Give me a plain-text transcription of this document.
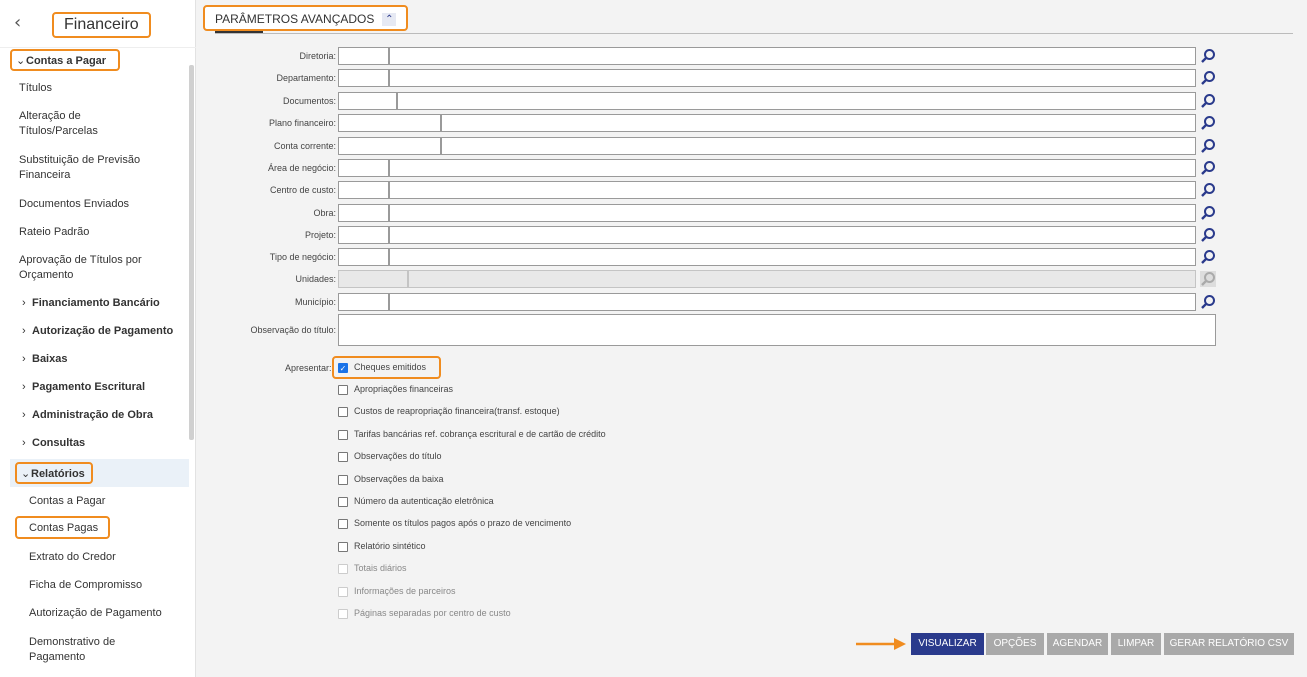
‹	Financeiro
⌄Contas a Pagar
Títulos
Alteração de
Títulos/Parcelas
Substituição de Previsão
Financeira
Documentos Enviados
Rateio Padrão
Aprovação de Títulos por
Orçamento
› Financiamento Bancário
› Autorização de Pagamento
› Baixas
› Pagamento Escritural
› Administração de Obra
› Consultas
⌄Relatórios
Contas a Pagar
Contas Pagas
Extrato do Credor
Ficha de Compromisso
Autorização de Pagamento
Demonstrativo de
Pagamento
PARÂMETROS AVANÇADOS ⌃
Diretoria:
Departamento:
Documentos:
Plano financeiro:
Conta corrente:
Área de negócio:
Centro de custo:
Obra:
Projeto:
Tipo de negócio:
Unidades:
Município:
Observação do título:
Apresentar: ✓ Cheques emitidos
Apropriações financeiras
Custos de reapropriação financeira(transf. estoque)
Tarifas bancárias ref. cobrança escritural e de cartão de crédito
Observações do título
Observações da baixa
Número da autenticação eletrônica
Somente os títulos pagos após o prazo de vencimento
Relatório sintético
Totais diários
Informações de parceiros
Páginas separadas por centro de custo
VISUALIZAR	OPÇÕES	AGENDAR	LIMPAR	GERAR RELATÓRIO CSV
